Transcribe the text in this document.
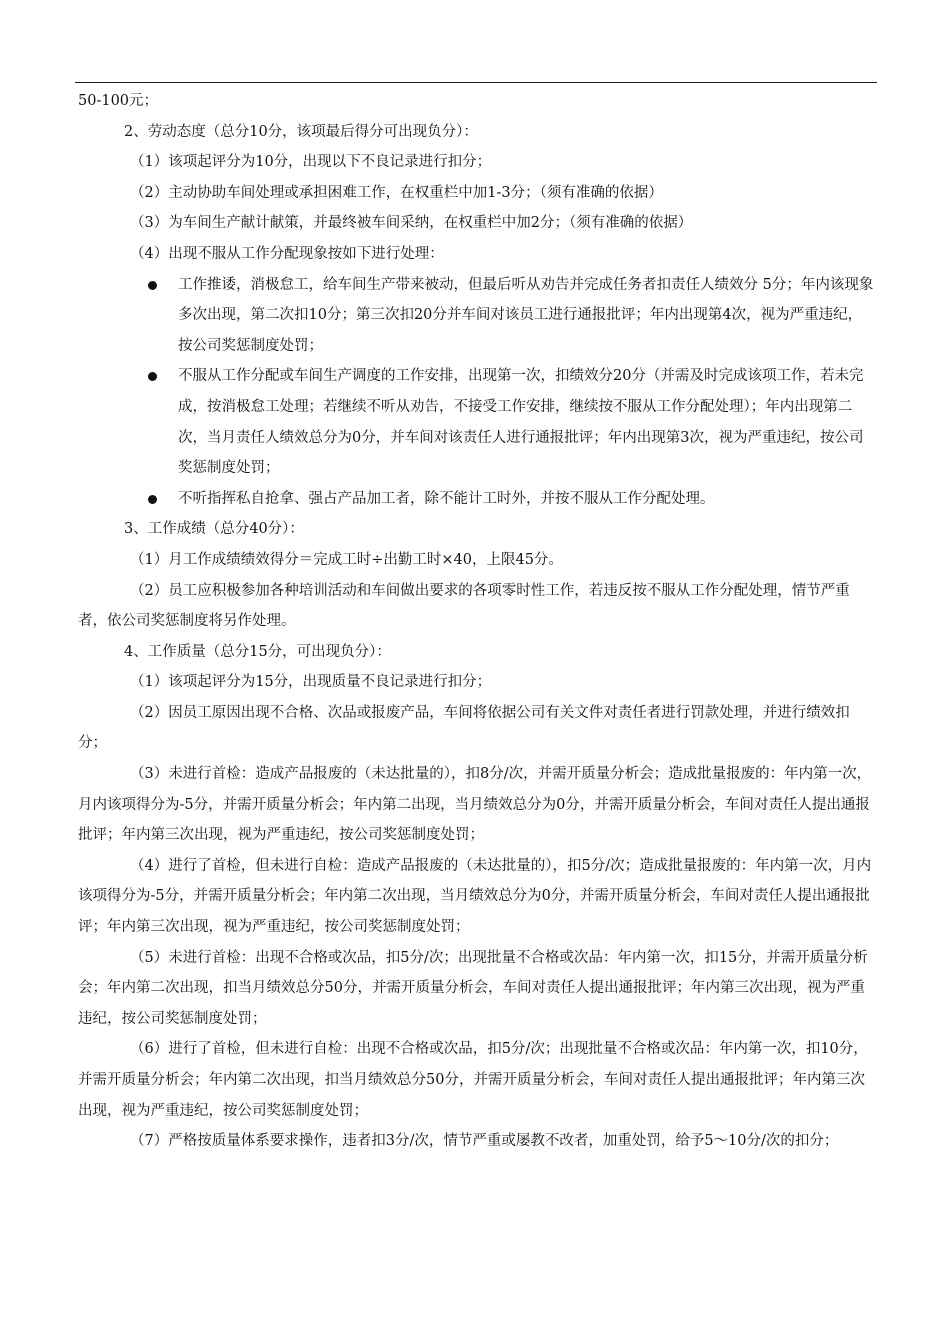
50-100元；

2、劳动态度（总分10分，该项最后得分可出现负分）：

（1）该项起评分为10分，出现以下不良记录进行扣分；

（2）主动协助车间处理或承担困难工作，在权重栏中加1-3分；（须有准确的依据）

（3）为车间生产献计献策，并最终被车间采纳，在权重栏中加2分；（须有准确的依据）

（4）出现不服从工作分配现象按如下进行处理：

工作推诿，消极怠工，给车间生产带来被动，但最后听从劝告并完成任务者扣责任人绩效分 5分；年内该现象多次出现，第二次扣10分；第三次扣20分并车间对该员工进行通报批评；年内出现第4次，视为严重违纪，按公司奖惩制度处罚；
不服从工作分配或车间生产调度的工作安排，出现第一次，扣绩效分20分（并需及时完成该项工作，若未完成，按消极怠工处理；若继续不听从劝告，不接受工作安排，继续按不服从工作分配处理）；年内出现第二次，当月责任人绩效总分为0分，并车间对该责任人进行通报批评；年内出现第3次，视为严重违纪，按公司奖惩制度处罚；
不听指挥私自抢拿、强占产品加工者，除不能计工时外，并按不服从工作分配处理。

3、工作成绩（总分40分）：

（1）月工作成绩绩效得分＝完成工时÷出勤工时×40，上限45分。

（2）员工应积极参加各种培训活动和车间做出要求的各项零时性工作，若违反按不服从工作分配处理，情节严重者，依公司奖惩制度将另作处理。

4、工作质量（总分15分，可出现负分）：

（1）该项起评分为15分，出现质量不良记录进行扣分；

（2）因员工原因出现不合格、次品或报废产品，车间将依据公司有关文件对责任者进行罚款处理，并进行绩效扣分；

（3）未进行首检：造成产品报废的（未达批量的），扣8分/次，并需开质量分析会；造成批量报废的：年内第一次，月内该项得分为-5分，并需开质量分析会；年内第二出现，当月绩效总分为0分，并需开质量分析会，车间对责任人提出通报批评；年内第三次出现，视为严重违纪，按公司奖惩制度处罚；

（4）进行了首检，但未进行自检：造成产品报废的（未达批量的），扣5分/次；造成批量报废的：年内第一次，月内该项得分为-5分，并需开质量分析会；年内第二次出现，当月绩效总分为0分，并需开质量分析会，车间对责任人提出通报批评；年内第三次出现，视为严重违纪，按公司奖惩制度处罚；

（5）未进行首检：出现不合格或次品，扣5分/次；出现批量不合格或次品：年内第一次，扣15分，并需开质量分析会；年内第二次出现，扣当月绩效总分50分，并需开质量分析会，车间对责任人提出通报批评；年内第三次出现，视为严重违纪，按公司奖惩制度处罚；

（6）进行了首检，但未进行自检：出现不合格或次品，扣5分/次；出现批量不合格或次品：年内第一次，扣10分，并需开质量分析会；年内第二次出现，扣当月绩效总分50分，并需开质量分析会，车间对责任人提出通报批评；年内第三次出现，视为严重违纪，按公司奖惩制度处罚；

（7）严格按质量体系要求操作，违者扣3分/次，情节严重或屡教不改者，加重处罚，给予5～10分/次的扣分；
